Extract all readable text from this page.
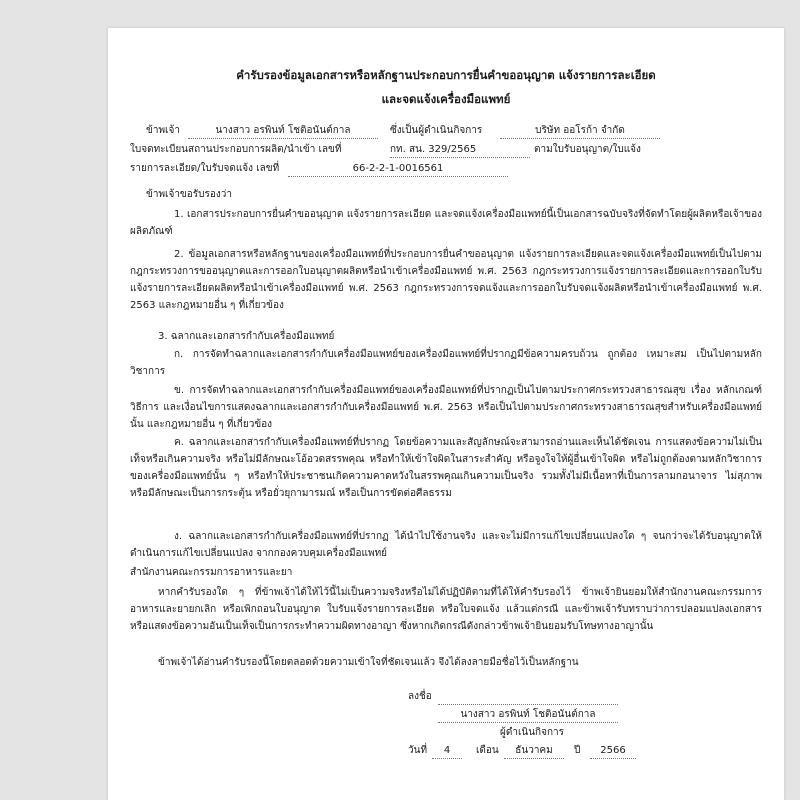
คำรับรองข้อมูลเอกสารหรือหลักฐานประกอบการยื่นคำขออนุญาต แจ้งรายการละเอียด
และจดแจ้งเครื่องมือแพทย์
ข้าพเจ้า	นางสาว อรพินท์ โชติอนันต์กาล	ซึ่งเป็นผู้ดำเนินกิจการ	บริษัท ออโรก้า จำกัด
ใบจดทะเบียนสถานประกอบการผลิต/นำเข้า เลขที่	กท. สน. 329/2565	ตามใบรับอนุญาต/ใบแจ้ง
รายการละเอียด/ใบรับจดแจ้ง เลขที่	66-2-2-1-0016561
ข้าพเจ้าขอรับรองว่า
1. เอกสารประกอบการยื่นคำขออนุญาต แจ้งรายการละเอียด และจดแจ้งเครื่องมือแพทย์นี้เป็นเอกสารฉบับจริงที่จัดทำโดยผู้ผลิตหรือเจ้าของผลิตภัณฑ์
2. ข้อมูลเอกสารหรือหลักฐานของเครื่องมือแพทย์ที่ประกอบการยื่นคำขออนุญาต แจ้งรายการละเอียดและจดแจ้งเครื่องมือแพทย์เป็นไปตามกฎกระทรวงการขออนุญาตและการออกใบอนุญาตผลิตหรือนำเข้าเครื่องมือแพทย์ พ.ศ. 2563 กฎกระทรวงการแจ้งรายการละเอียดและการออกใบรับแจ้งรายการละเอียดผลิตหรือนำเข้าเครื่องมือแพทย์ พ.ศ. 2563 กฎกระทรวงการจดแจ้งและการออกใบรับจดแจ้งผลิตหรือนำเข้าเครื่องมือแพทย์ พ.ศ. 2563 และกฎหมายอื่น ๆ ที่เกี่ยวข้อง
3. ฉลากและเอกสารกำกับเครื่องมือแพทย์
ก. การจัดทำฉลากและเอกสารกำกับเครื่องมือแพทย์ของเครื่องมือแพทย์ที่ปรากฏมีข้อความครบถ้วน ถูกต้อง เหมาะสม เป็นไปตามหลักวิชาการ
ข. การจัดทำฉลากและเอกสารกำกับเครื่องมือแพทย์ของเครื่องมือแพทย์ที่ปรากฏเป็นไปตามประกาศกระทรวงสาธารณสุข เรื่อง หลักเกณฑ์ วิธีการ และเงื่อนไขการแสดงฉลากและเอกสารกำกับเครื่องมือแพทย์ พ.ศ. 2563 หรือเป็นไปตามประกาศกระทรวงสาธารณสุขสำหรับเครื่องมือแพทย์นั้น และกฎหมายอื่น ๆ ที่เกี่ยวข้อง
ค. ฉลากและเอกสารกำกับเครื่องมือแพทย์ที่ปรากฏ โดยข้อความและสัญลักษณ์จะสามารถอ่านและเห็นได้ชัดเจน การแสดงข้อความไม่เป็นเท็จหรือเกินความจริง หรือไม่มีลักษณะโอ้อวดสรรพคุณ หรือทำให้เข้าใจผิดในสาระสำคัญ หรือจูงใจให้ผู้อื่นเข้าใจผิด หรือไม่ถูกต้องตามหลักวิชาการของเครื่องมือแพทย์นั้น ๆ หรือทำให้ประชาชนเกิดความคาดหวังในสรรพคุณเกินความเป็นจริง รวมทั้งไม่มีเนื้อหาที่เป็นการลามกอนาจาร ไม่สุภาพ หรือมีลักษณะเป็นการกระตุ้น หรือยั่วยุกามารมณ์ หรือเป็นการขัดต่อศีลธรรม
ง. ฉลากและเอกสารกำกับเครื่องมือแพทย์ที่ปรากฏ ได้นำไปใช้งานจริง และจะไม่มีการแก้ไขเปลี่ยนแปลงใด ๆ จนกว่าจะได้รับอนุญาตให้ดำเนินการแก้ไขเปลี่ยนแปลง จากกองควบคุมเครื่องมือแพทย์
สำนักงานคณะกรรมการอาหารและยา
หากคำรับรองใด ๆ ที่ข้าพเจ้าได้ให้ไว้นี้ไม่เป็นความจริงหรือไม่ได้ปฏิบัติตามที่ได้ให้คำรับรองไว้ ข้าพเจ้ายินยอมให้สำนักงานคณะกรรมการอาหารและยายกเลิก หรือเพิกถอนใบอนุญาต ใบรับแจ้งรายการละเอียด หรือใบจดแจ้ง แล้วแต่กรณี และข้าพเจ้ารับทราบว่าการปลอมแปลงเอกสารหรือแสดงข้อความอันเป็นเท็จเป็นการกระทำความผิดทางอาญา ซึ่งหากเกิดกรณีดังกล่าวข้าพเจ้ายินยอมรับโทษทางอาญานั้น
ข้าพเจ้าได้อ่านคำรับรองนี้โดยตลอดด้วยความเข้าใจที่ชัดเจนแล้ว จึงได้ลงลายมือชื่อไว้เป็นหลักฐาน
ลงชื่อ
นางสาว อรพินท์ โชติอนันต์กาล
ผู้ดำเนินกิจการ
วันที่	4	เดือน	ธันวาคม	ปี	2566
